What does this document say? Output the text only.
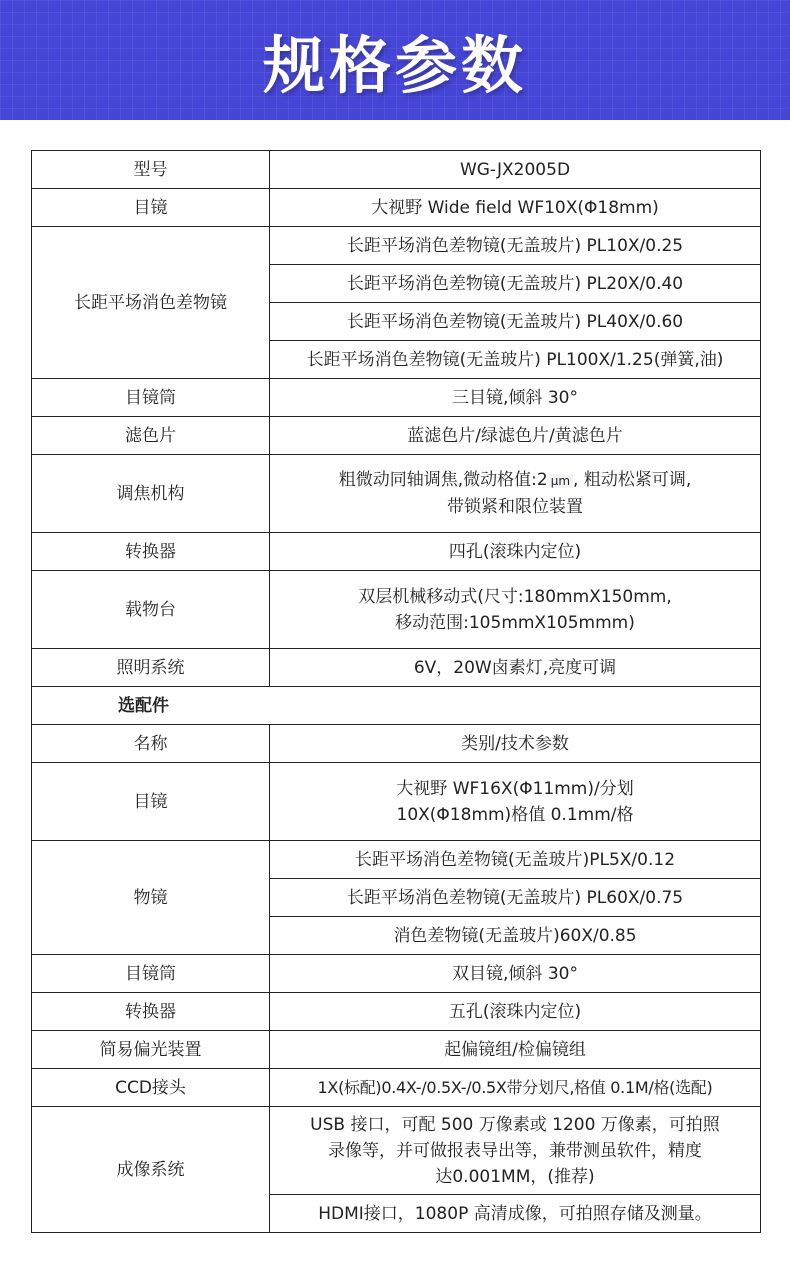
规格参数
型号	WG-JX2005D
目镜	大视野 Wide field WF10X(Φ18mm)
长距平场消色差物镜	长距平场消色差物镜(无盖玻片) PL10X/0.25
	长距平场消色差物镜(无盖玻片) PL20X/0.40
	长距平场消色差物镜(无盖玻片) PL40X/0.60
	长距平场消色差物镜(无盖玻片) PL100X/1.25(弹簧,油)
目镜筒	三目镜,倾斜 30°
滤色片	蓝滤色片/绿滤色片/黄滤色片
调焦机构	粗微动同轴调焦,微动格值:2 μm , 粗动松紧可调,
带锁紧和限位装置
转换器	四孔(滚珠内定位)
载物台	双层机械移动式(尺寸:180mmX150mm,
移动范围:105mmX105mmm)
照明系统	6V，20W卤素灯,亮度可调
选配件	
名称	类别/技术参数
目镜	大视野 WF16X(Φ11mm)/分划
10X(Φ18mm)格值 0.1mm/格
物镜	长距平场消色差物镜(无盖玻片)PL5X/0.12
	长距平场消色差物镜(无盖玻片) PL60X/0.75
	消色差物镜(无盖玻片)60X/0.85
目镜筒	双目镜,倾斜 30°
转换器	五孔(滚珠内定位)
简易偏光装置	起偏镜组/检偏镜组
CCD接头	1X(标配)0.4X-/0.5X-/0.5X带分划尺,格值 0.1M/格(选配)
成像系统	USB 接口，可配 500 万像素或 1200 万像素，可拍照
录像等，并可做报表导出等，兼带测虽软件，精度
达0.001MM，(推荐)
	HDMI接口，1080P 高清成像，可拍照存储及测量。
